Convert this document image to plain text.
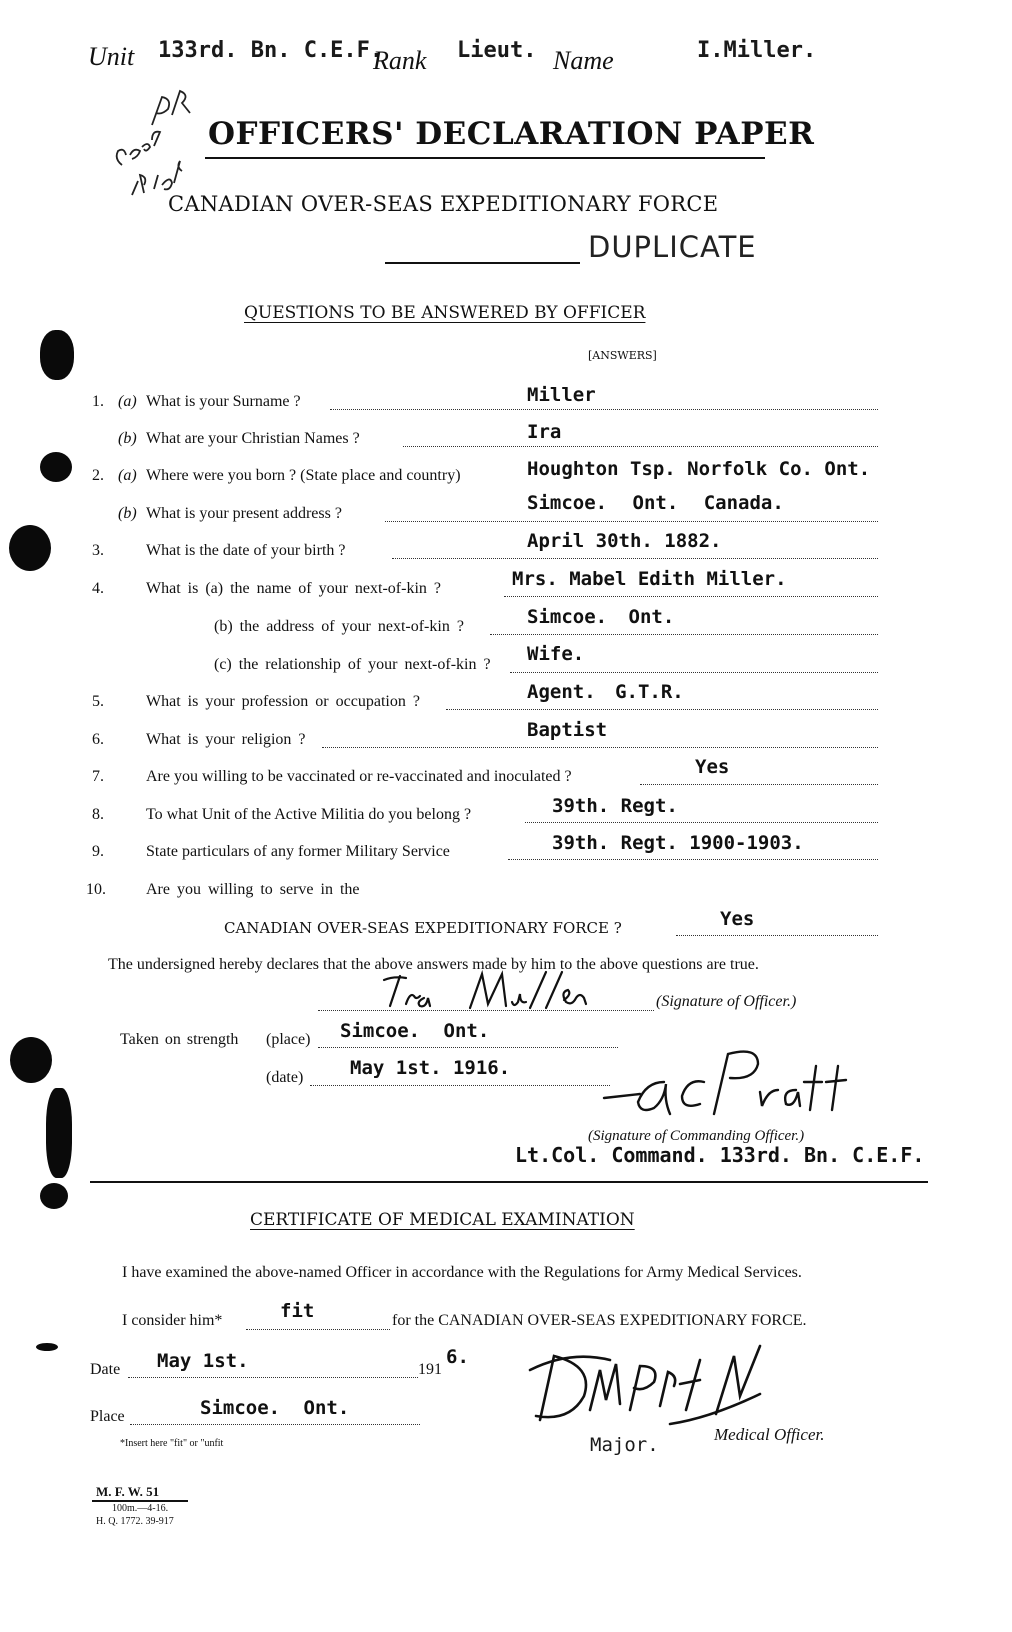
Unit 133rd. Bn. C.E.F.
Rank Lieut. Name	I.Miller.
OFFICERS' DECLARATION PAPER
CANADIAN OVER-SEAS EXPEDITIONARY FORCE
DUPLICATE
QUESTIONS TO BE ANSWERED BY OFFICER
[ANSWERS]
1. (a) What is your Surname ?	Miller
(b) What are your Christian Names ?	Ira
2. (a) Where were you born ? (State place and country)	Houghton Tsp. Norfolk Co. Ont.
(b) What is your present address ?	Simcoe. Ont. Canada.
3.	What is the date of your birth ?	April 30th. 1882.
4.	What is (a) the name of your next-of-kin ?	Mrs. Mabel Edith Miller.
(b) the address of your next-of-kin ?	Simcoe. Ont.
(c) the relationship of your next-of-kin ? Wife.
5.	What is your profession or occupation ?	Agent. G.T.R.
6.	What is your religion ?	Baptist
7.	Are you willing to be vaccinated or re-vaccinated and inoculated ?	Yes
8.	To what Unit of the Active Militia do you belong ?	39th. Regt.
9.	State particulars of any former Military Service	39th. Regt. 1900-1903.
10.	Are you willing to serve in the
CANADIAN OVER-SEAS EXPEDITIONARY FORCE ?	Yes
The undersigned hereby declares that the above answers made by him to the above questions are true.
(Signature of Officer.)
Taken on strength (place) Simcoe. Ont.
(date) May 1st. 1916.
(Signature of Commanding Officer.)
Lt.Col. Command. 133rd. Bn. C.E.F.
CERTIFICATE OF MEDICAL EXAMINATION
I have examined the above-named Officer in accordance with the Regulations for Army Medical Services.
I consider him*	fit	for the CANADIAN OVER-SEAS EXPEDITIONARY FORCE.
Date May 1st.	191
6.
Place	Simcoe. Ont.
*Insert here "fit" or "unfit	Major.	Medical Officer.
M. F. W. 51
100m.—4-16.
H. Q. 1772. 39-917
